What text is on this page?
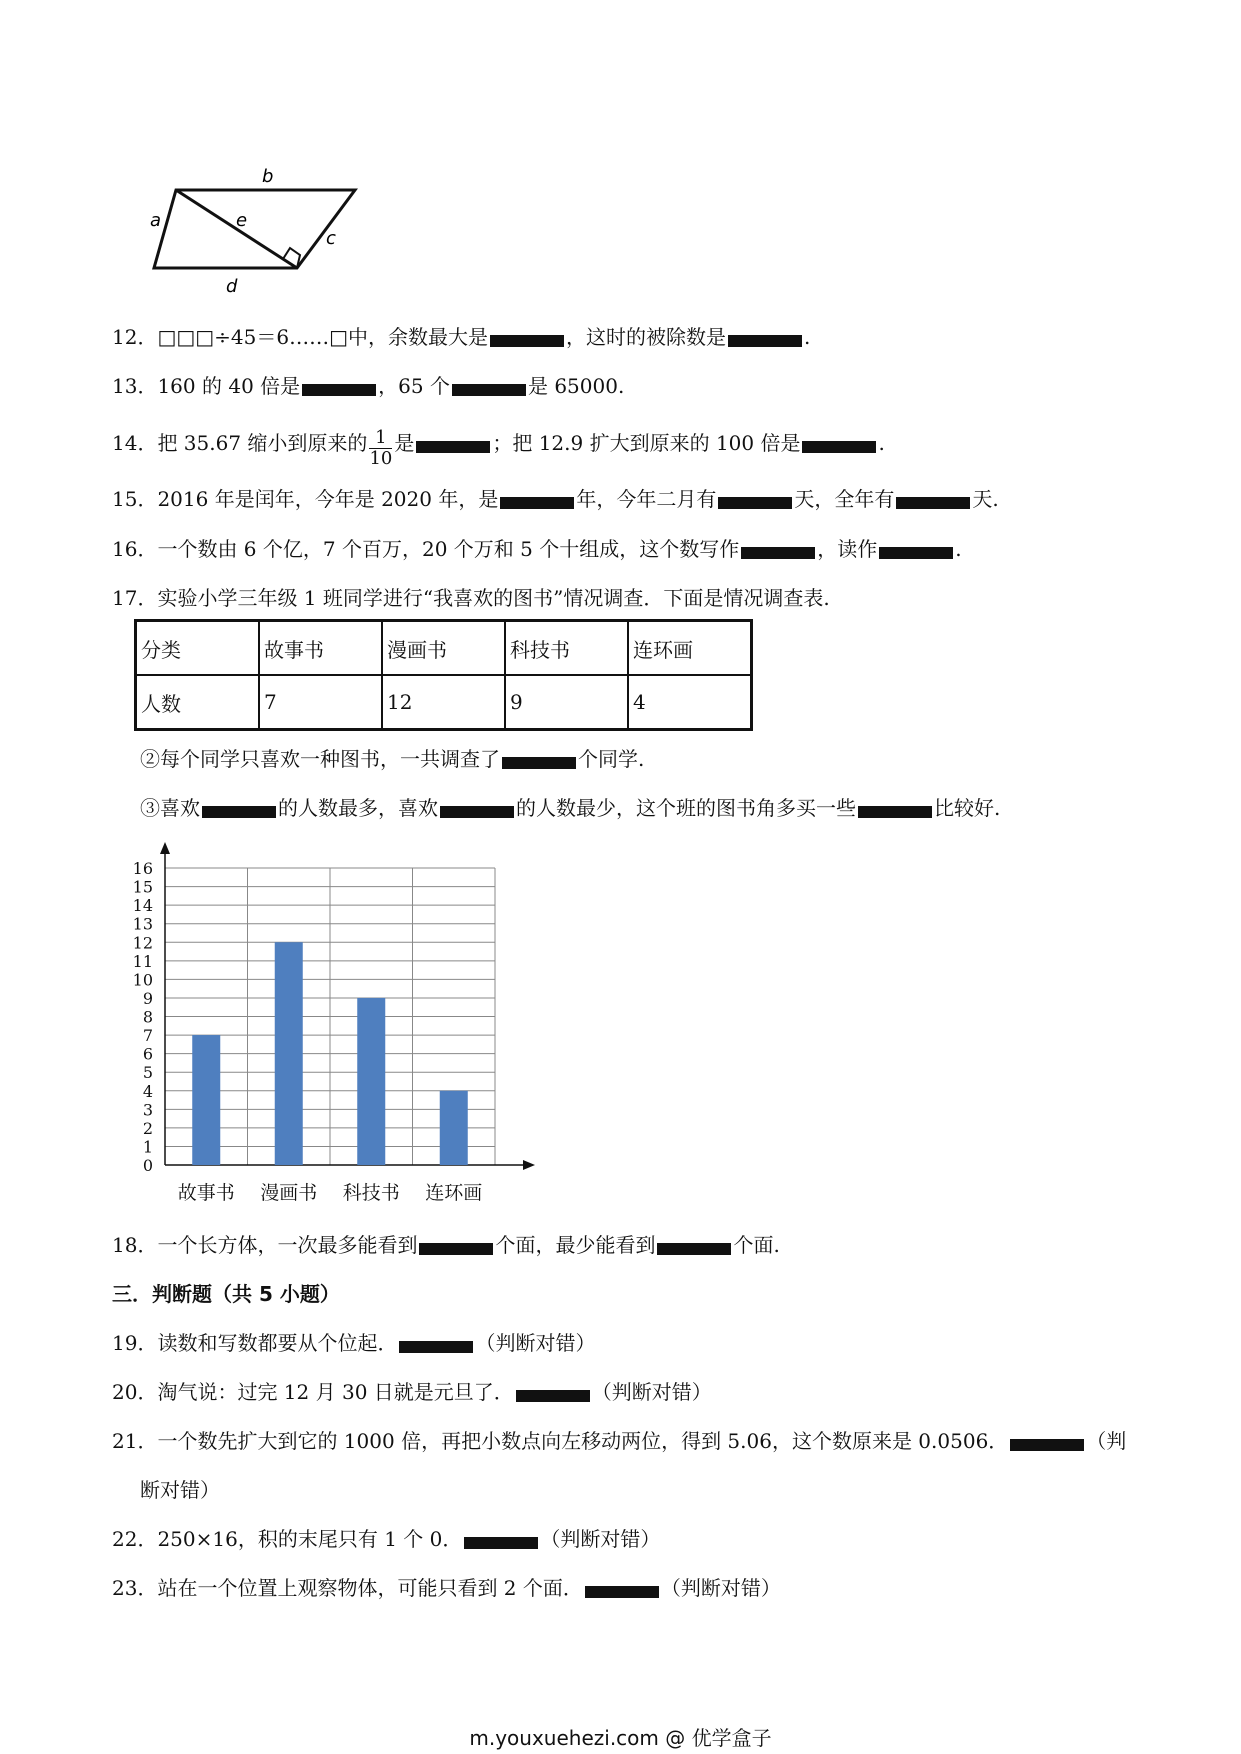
a
b
c
d
e
12．□□□÷45＝6……□中，余数最大是	，这时的被除数是	.
13．160 的 40 倍是	，65 个	是 65000.
14．把 35.67 缩小到原来的 $\frac{1}{10}$ 是	；把 12.9 扩大到原来的 100 倍是	.
15．2016 年是闰年，今年是 2020 年，是	年，今年二月有	天，全年有	天.
16．一个数由 6 个亿，7 个百万，20 个万和 5 个十组成，这个数写作	，读作	.
17．实验小学三年级 1 班同学进行“我喜欢的图书”情况调查．下面是情况调查表.
分类	故事书	漫画书	科技书	连环画
人数	7	12	9	4
②每个同学只喜欢一种图书，一共调查了	个同学.
③喜欢	的人数最多，喜欢	的人数最少，这个班的图书角多买一些	比较好.
0
1
2
3
4
5
6
7
8
9
10
11
12
13
14
15
16
故事书 漫画书 科技书 连环画
18．一个长方体，一次最多能看到	个面，最少能看到	个面.
三．判断题（共 5 小题）
19．读数和写数都要从个位起．	（判断对错）
20．淘气说：过完 12 月 30 日就是元旦了．	（判断对错）
21．一个数先扩大到它的 1000 倍，再把小数点向左移动两位，得到 5.06，这个数原来是 0.0506．	（判
断对错）
22．250×16，积的末尾只有 1 个 0．	（判断对错）
23．站在一个位置上观察物体，可能只看到 2 个面．	（判断对错）
m.youxuehezi.com @ 优学盒子
